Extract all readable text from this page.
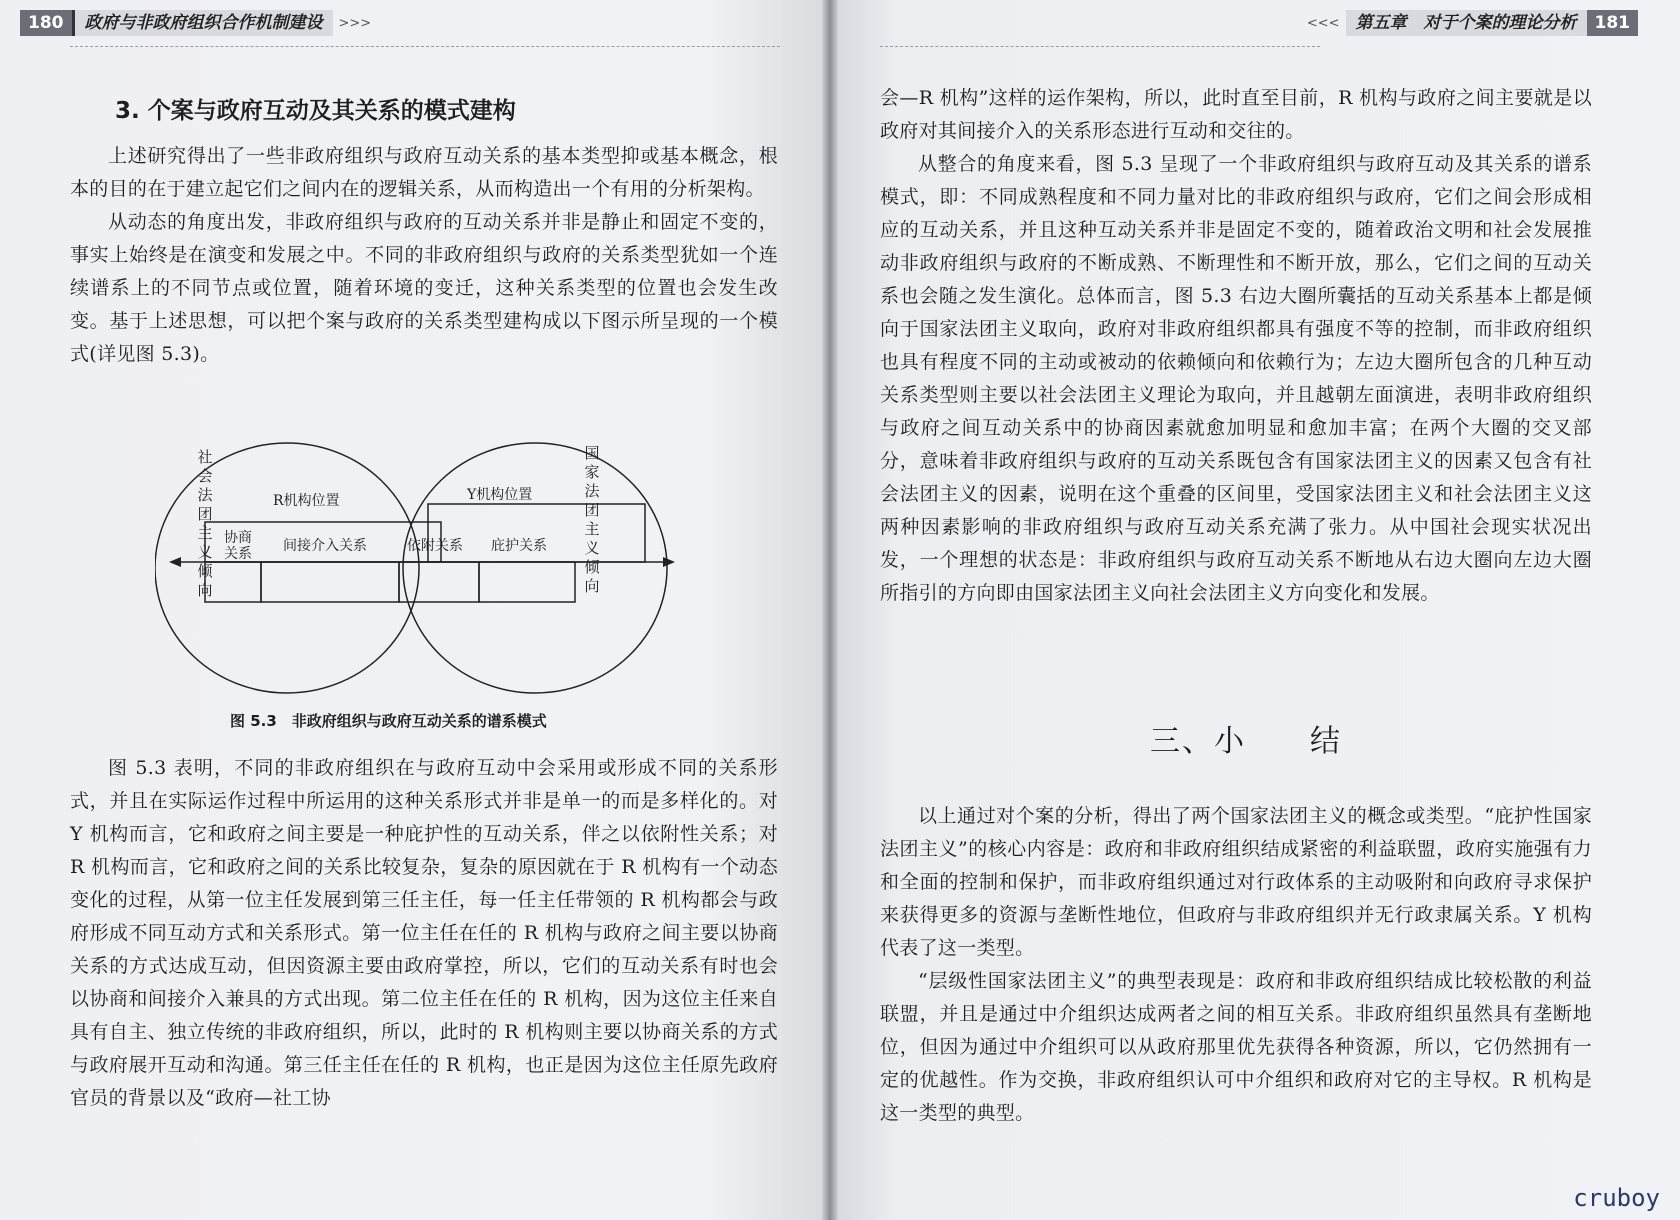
180	政府与非政府组织合作机制建设	>>>	<<< 第五章　对于个案的理论分析	181
3. 个案与政府互动及其关系的模式建构

上述研究得出了一些非政府组织与政府互动关系的基本类型抑或基本概念，根本的目的在于建立起它们之间内在的逻辑关系，从而构造出一个有用的分析架构。

从动态的角度出发，非政府组织与政府的互动关系并非是静止和固定不变的，事实上始终是在演变和发展之中。不同的非政府组织与政府的关系类型犹如一个连续谱系上的不同节点或位置，随着环境的变迁，这种关系类型的位置也会发生改变。基于上述思想，可以把个案与政府的关系类型建构成以下图示所呈现的一个模式(详见图 5.3)。

社会法团主义倾向
国家法团主义倾向
R机构位置	Y机构位置
协商关系 间接介入关系	依附关系 庇护关系
图 5.3　非政府组织与政府互动关系的谱系模式

图 5.3 表明，不同的非政府组织在与政府互动中会采用或形成不同的关系形式，并且在实际运作过程中所运用的这种关系形式并非是单一的而是多样化的。对 Y 机构而言，它和政府之间主要是一种庇护性的互动关系，伴之以依附性关系；对 R 机构而言，它和政府之间的关系比较复杂，复杂的原因就在于 R 机构有一个动态变化的过程，从第一位主任发展到第三任主任，每一任主任带领的 R 机构都会与政府形成不同互动方式和关系形式。第一位主任在任的 R 机构与政府之间主要以协商关系的方式达成互动，但因资源主要由政府掌控，所以，它们的互动关系有时也会以协商和间接介入兼具的方式出现。第二位主任在任的 R 机构，因为这位主任来自具有自主、独立传统的非政府组织，所以，此时的 R 机构则主要以协商关系的方式与政府展开互动和沟通。第三任主任在任的 R 机构，也正是因为这位主任原先政府官员的背景以及“政府—社工协

会—R 机构”这样的运作架构，所以，此时直至目前，R 机构与政府之间主要就是以政府对其间接介入的关系形态进行互动和交往的。

从整合的角度来看，图 5.3 呈现了一个非政府组织与政府互动及其关系的谱系模式，即：不同成熟程度和不同力量对比的非政府组织与政府，它们之间会形成相应的互动关系，并且这种互动关系并非是固定不变的，随着政治文明和社会发展推动非政府组织与政府的不断成熟、不断理性和不断开放，那么，它们之间的互动关系也会随之发生演化。总体而言，图 5.3 右边大圈所囊括的互动关系基本上都是倾向于国家法团主义取向，政府对非政府组织都具有强度不等的控制，而非政府组织也具有程度不同的主动或被动的依赖倾向和依赖行为；左边大圈所包含的几种互动关系类型则主要以社会法团主义理论为取向，并且越朝左面演进，表明非政府组织与政府之间互动关系中的协商因素就愈加明显和愈加丰富；在两个大圈的交叉部分，意味着非政府组织与政府的互动关系既包含有国家法团主义的因素又包含有社会法团主义的因素，说明在这个重叠的区间里，受国家法团主义和社会法团主义这两种因素影响的非政府组织与政府互动关系充满了张力。从中国社会现实状况出发，一个理想的状态是：非政府组织与政府互动关系不断地从右边大圈向左边大圈所指引的方向即由国家法团主义向社会法团主义方向变化和发展。

三、小　　结

以上通过对个案的分析，得出了两个国家法团主义的概念或类型。“庇护性国家法团主义”的核心内容是：政府和非政府组织结成紧密的利益联盟，政府实施强有力和全面的控制和保护，而非政府组织通过对行政体系的主动吸附和向政府寻求保护来获得更多的资源与垄断性地位，但政府与非政府组织并无行政隶属关系。Y 机构代表了这一类型。

“层级性国家法团主义”的典型表现是：政府和非政府组织结成比较松散的利益联盟，并且是通过中介组织达成两者之间的相互关系。非政府组织虽然具有垄断地位，但因为通过中介组织可以从政府那里优先获得各种资源，所以，它仍然拥有一定的优越性。作为交换，非政府组织认可中介组织和政府对它的主导权。R 机构是这一类型的典型。

cruboy
